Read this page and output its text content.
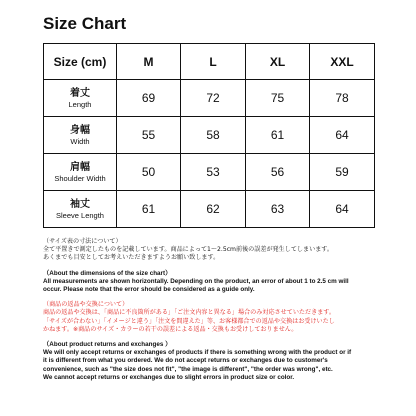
Size Chart
Size (cm)	M	L	XL	XXL

着丈
Length	69	72	75	78

身幅
Width	55	58	61	64

肩幅
Shoulder Width	50	53	56	59

袖丈
Sleeve Length	61	62	63	64

（サイズ表の寸法について）

全て平置きで測定したものを記載しています。商品によって1〜2.5cm前後の誤差が発生してしまいます。

あくまでも目安としてお考えいただきますようお願い致します。

（About the dimensions of the size chart）

All measurements are shown horizontally. Depending on the product, an error of about 1 to 2.5 cm will

occur. Please note that the error should be considered as a guide only.

（商品の返品や交換について）

商品の返品や交換は、「商品に不良箇所がある」「ご注文内容と異なる」場合のみ対応させていただきます。

「サイズが合わない」「イメージと違う」「注文を間違えた」等、お客様都合での返品や交換はお受けいたし

かねます。※商品のサイズ・カラーの若干の誤差による返品・交換もお受けしておりません。

（About product returns and exchanges ）

We will only accept returns or exchanges of products if there is something wrong with the product or if

it is different from what you ordered. We do not accept returns or exchanges due to customer's

convenience, such as "the size does not fit", "the image is different", "the order was wrong", etc.

We cannot accept returns or exchanges due to slight errors in product size or color.
